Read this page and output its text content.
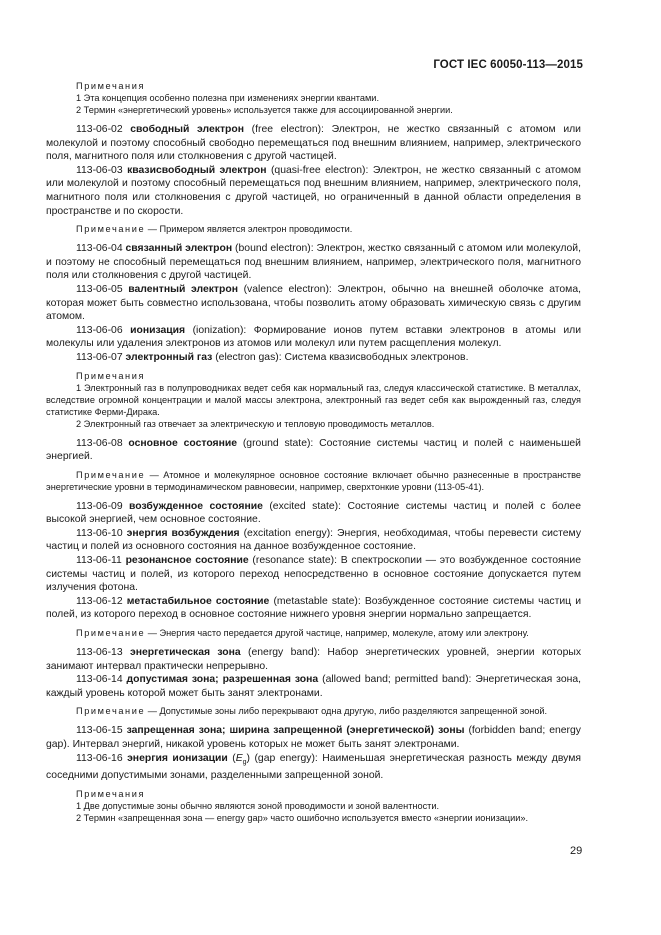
ГОСТ IEC 60050-113—2015

Примечания

1 Эта концепция особенно полезна при изменениях энергии квантами.

2 Термин «энергетический уровень» используется также для ассоциированной энергии.

113-06-02 свободный электрон (free electron): Электрон, не жестко связанный с атомом или молекулой и поэтому способный свободно перемещаться под внешним влиянием, например, электрического поля, магнитного поля или столкновения с другой частицей.

113-06-03 квазисвободный электрон (quasi-free electron): Электрон, не жестко связанный с атомом или молекулой и поэтому способный перемещаться под внешним влиянием, например, электрического поля, магнитного поля или столкновения с другой частицей, но ограниченный в данной области определения в пространстве и по скорости.

Примечание — Примером является электрон проводимости.

113-06-04 связанный электрон (bound electron): Электрон, жестко связанный с атомом или молекулой, и поэтому не способный перемещаться под внешним влиянием, например, электрического поля, магнитного поля или столкновения с другой частицей.

113-06-05 валентный электрон (valence electron): Электрон, обычно на внешней оболочке атома, которая может быть совместно использована, чтобы позволить атому образовать химическую связь с другим атомом.

113-06-06 ионизация (ionization): Формирование ионов путем вставки электронов в атомы или молекулы или удаления электронов из атомов или молекул или путем расщепления молекул.

113-06-07 электронный газ (electron gas): Система квазисвободных электронов.

Примечания

1 Электронный газ в полупроводниках ведет себя как нормальный газ, следуя классической статистике. В металлах, вследствие огромной концентрации и малой массы электрона, электронный газ ведет себя как вырожденный газ, следуя статистике Ферми-Дирака.

2 Электронный газ отвечает за электрическую и тепловую проводимость металлов.

113-06-08 основное состояние (ground state): Состояние системы частиц и полей с наименьшей энергией.

Примечание — Атомное и молекулярное основное состояние включает обычно разнесенные в пространстве энергетические уровни в термодинамическом равновесии, например, сверхтонкие уровни (113-05-41).

113-06-09 возбужденное состояние (excited state): Состояние системы частиц и полей с более высокой энергией, чем основное состояние.

113-06-10 энергия возбуждения (excitation energy): Энергия, необходимая, чтобы перевести систему частиц и полей из основного состояния на данное возбужденное состояние.

113-06-11 резонансное состояние (resonance state): В спектроскопии — это возбужденное состояние системы частиц и полей, из которого переход непосредственно в основное состояние допускается путем излучения фотона.

113-06-12 метастабильное состояние (metastable state): Возбужденное состояние системы частиц и полей, из которого переход в основное состояние нижнего уровня энергии нормально запрещается.

Примечание — Энергия часто передается другой частице, например, молекуле, атому или электрону.

113-06-13 энергетическая зона (energy band): Набор энергетических уровней, энергии которых занимают интервал практически непрерывно.

113-06-14 допустимая зона; разрешенная зона (allowed band; permitted band): Энергетическая зона, каждый уровень которой может быть занят электронами.

Примечание — Допустимые зоны либо перекрывают одна другую, либо разделяются запрещенной зоной.

113-06-15 запрещенная зона; ширина запрещенной (энергетической) зоны (forbidden band; energy gap). Интервал энергий, никакой уровень которых не может быть занят электронами.

113-06-16 энергия ионизации $(E_g)$ (gap energy): Наименьшая энергетическая разность между двумя соседними допустимыми зонами, разделенными запрещенной зоной.

Примечания

1 Две допустимые зоны обычно являются зоной проводимости и зоной валентности.

2 Термин «запрещенная зона — energy gap» часто ошибочно используется вместо «энергии ионизации».

29
